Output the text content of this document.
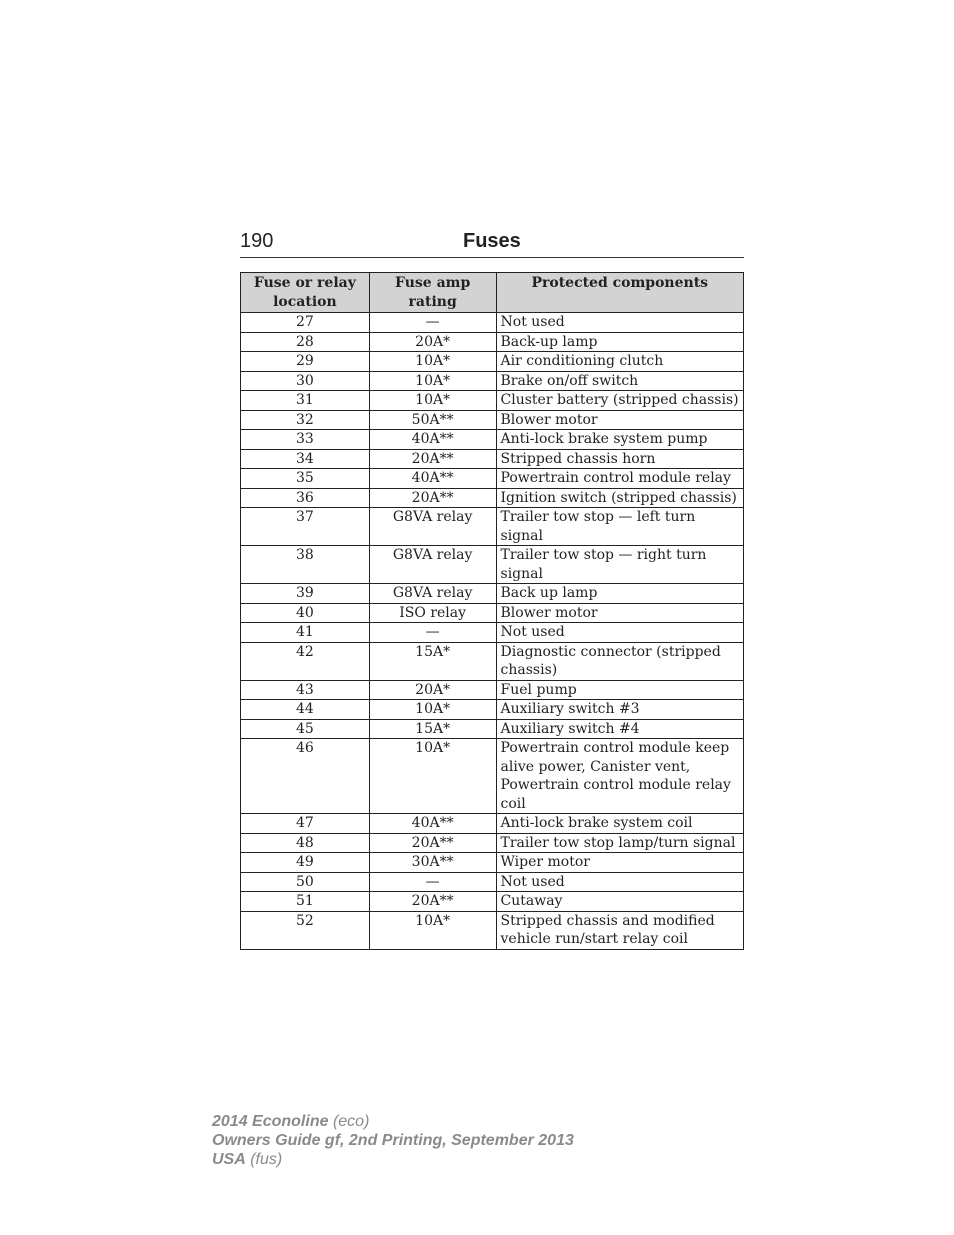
190	Fuses
Fuse or relay location	Fuse amp rating	Protected components
27	—	Not used
28	20A*	Back-up lamp
29	10A*	Air conditioning clutch
30	10A*	Brake on/off switch
31	10A*	Cluster battery (stripped chassis)
32	50A**	Blower motor
33	40A**	Anti-lock brake system pump
34	20A**	Stripped chassis horn
35	40A**	Powertrain control module relay
36	20A**	Ignition switch (stripped chassis)
37	G8VA relay	Trailer tow stop — left turn signal
38	G8VA relay	Trailer tow stop — right turn signal
39	G8VA relay	Back up lamp
40	ISO relay	Blower motor
41	—	Not used
42	15A*	Diagnostic connector (stripped chassis)
43	20A*	Fuel pump
44	10A*	Auxiliary switch #3
45	15A*	Auxiliary switch #4
46	10A*	Powertrain control module keep alive power, Canister vent, Powertrain control module relay coil
47	40A**	Anti-lock brake system coil
48	20A**	Trailer tow stop lamp/turn signal
49	30A**	Wiper motor
50	—	Not used
51	20A**	Cutaway
52	10A*	Stripped chassis and modified vehicle run/start relay coil
2014 Econoline (eco)
Owners Guide gf, 2nd Printing, September 2013
USA (fus)
